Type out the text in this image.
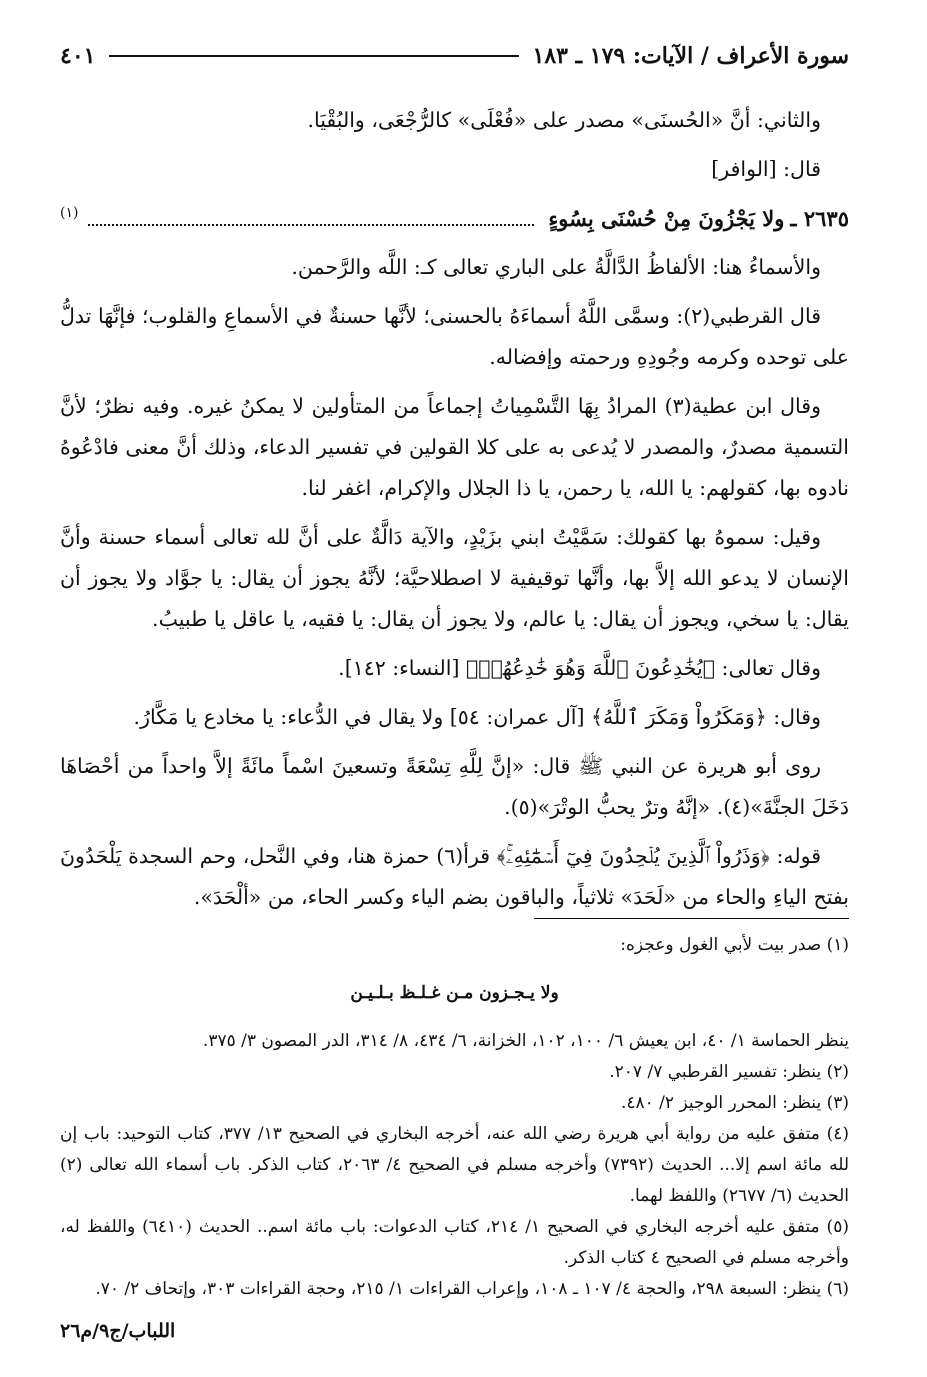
سورة الأعراف / الآيات: ١٧٩ ـ ١٨٣
٤٠١

والثاني: أنَّ «الحُسنَى» مصدر على «فُعْلَى» كالرُّجْعَى، والبُقْيَا.

قال: [الوافر]

٢٦٣٥ ـ
ولا يَجْزُونَ مِنْ حُسْنَى بِسُوءٍ
(١)

والأسماءُ هنا: الألفاظُ الدَّالَّةُ على الباري تعالى كـ: اللَّه والرَّحمن.

قال القرطبي(٢): وسمَّى اللَّهُ أسماءَهُ بالحسنى؛ لأنَّها حسنةٌ في الأسماعِ والقلوب؛ فإنَّهَا تدلُّ على توحده وكرمه وجُودِهِ ورحمته وإفضاله.

وقال ابن عطية(٣) المرادُ بِهَا التَّسْمِياتُ إجماعاً من المتأولين لا يمكنُ غيره. وفيه نظرٌ؛ لأنَّ التسمية مصدرٌ، والمصدر لا يُدعى به على كلا القولين في تفسير الدعاء، وذلك أنَّ معنى فادْعُوهُ نادوه بها، كقولهم: يا الله، يا رحمن، يا ذا الجلال والإكرام، اغفر لنا.

وقيل: سموهُ بها كقولك: سَمَّيْتُ ابني بزَيْدٍ، والآية دَالَّةٌ على أنَّ لله تعالى أسماء حسنة وأنَّ الإنسان لا يدعو الله إلاَّ بها، وأنَّها توقيفية لا اصطلاحيَّة؛ لأنَّهُ يجوز أن يقال: يا جوَّاد ولا يجوز أن يقال: يا سخي، ويجوز أن يقال: يا عالم، ولا يجوز أن يقال: يا فقيه، يا عاقل يا طبيبُ.

وقال تعالى: ﴿يُخَٰدِعُونَ ٱللَّهَ وَهُوَ خَٰدِعُهُمۡ﴾ [النساء: ١٤٢].

وقال: ﴿وَمَكَرُواْ وَمَكَرَ ٱللَّهُ﴾ [آل عمران: ٥٤] ولا يقال في الدُّعاء: يا مخادع يا مَكَّارُ.

روى أبو هريرة عن النبي ﷺ قال: «إنَّ لِلَّهِ تِسْعَةً وتسعينَ اسْماً مائَةً إلاَّ واحداً من أحْصَاهَا دَخَلَ الجنَّةَ»(٤). «إنَّهُ وترٌ يحبُّ الوتْرَ»(٥).

قوله: ﴿وَذَرُواْ ٱلَّذِينَ يُلۡحِدُونَ فِيٓ أَسۡمَٰٓئِهِۦۚ﴾ قرأ(٦) حمزة هنا، وفي النَّحل، وحم السجدة يَلْحَدُونَ بفتح الياءِ والحاء من «لَحَدَ» ثلاثياً، والباقون بضم الياء وكسر الحاء، من «ألْحَدَ».

(١) صدر بيت لأبي الغول وعجزه:

ولا يـجـزون مـن غـلـظ بـلـيـن

ينظر الحماسة ١/ ٤٠، ابن يعيش ٦/ ١٠٠، ١٠٢، الخزانة، ٦/ ٤٣٤، ٨/ ٣١٤، الدر المصون ٣/ ٣٧٥.

(٢) ينظر: تفسير القرطبي ٧/ ٢٠٧.

(٣) ينظر: المحرر الوجيز ٢/ ٤٨٠.

(٤) متفق عليه من رواية أبي هريرة رضي الله عنه، أخرجه البخاري في الصحيح ١٣/ ٣٧٧، كتاب التوحيد: باب إن لله مائة اسم إلا... الحديث (٧٣٩٢) وأخرجه مسلم في الصحيح ٤/ ٢٠٦٣، كتاب الذكر. باب أسماء الله تعالى (٢) الحديث (٦/ ٢٦٧٧) واللفظ لهما.

(٥) متفق عليه أخرجه البخاري في الصحيح ١/ ٢١٤، كتاب الدعوات: باب مائة اسم.. الحديث (٦٤١٠) واللفظ له، وأخرجه مسلم في الصحيح ٤ كتاب الذكر.

(٦) ينظر: السبعة ٢٩٨، والحجة ٤/ ١٠٧ ـ ١٠٨، وإعراب القراءات ١/ ٢١٥، وحجة القراءات ٣٠٣، وإتحاف ٢/ ٧٠.

اللباب/ج٩/م٢٦
